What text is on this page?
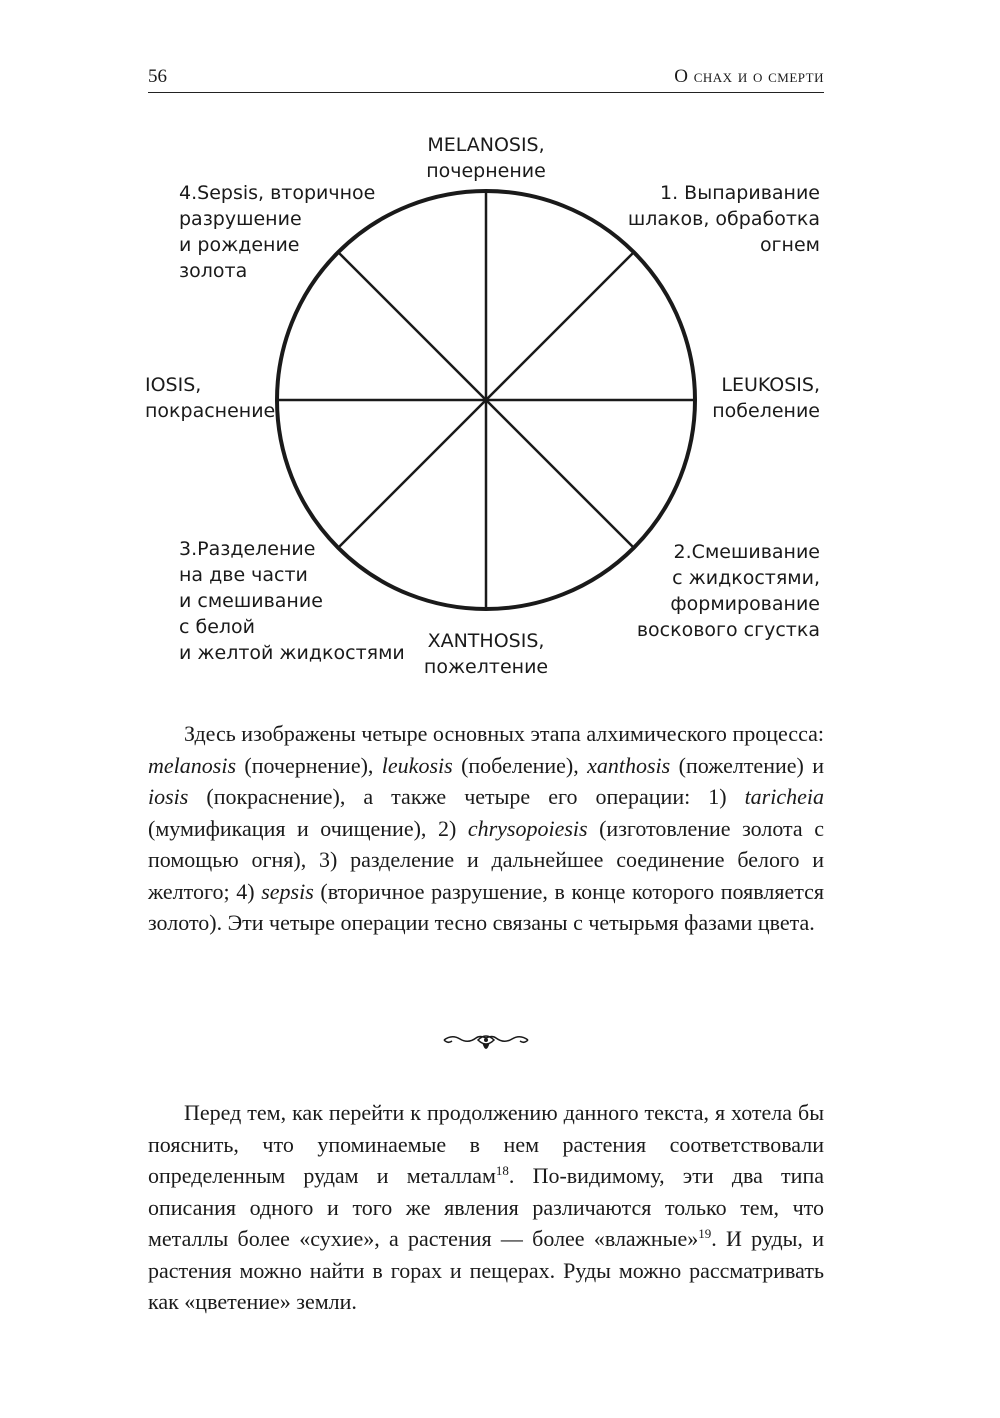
56	О снах и о смерти
MELANOSIS,
почернение
1. Выпаривание
шлаков, обработка
огнем
LEUKOSIS,
побеление
2.Смешивание
с жидкостями,
формирование
воскового сгустка
XANTHOSIS,
пожелтение
3.Разделение
на две части
и смешивание
с белой
и желтой жидкостями
IOSIS,
покраснение
4.Sepsis, вторичное
разрушение
и рождение
золота

Здесь изображены четыре основных этапа алхимического процесса: melanosis (почернение), leukosis (побеление), xanthosis (пожелтение) и iosis (покраснение), а также четыре его операции: 1) taricheia (мумификация и очищение), 2) chrysopoiesis (изготовление золота с помощью огня), 3) разделение и дальнейшее соединение белого и желтого; 4) sepsis (вторичное разрушение, в конце которого появляется золото). Эти четыре операции тесно связаны с четырьмя фазами цвета.

Перед тем, как перейти к продолжению данного текста, я хотела бы пояснить, что упоминаемые в нем растения соответствовали определенным рудам и металлам$^{18}$. По-видимому, эти два типа описания одного и того же явления различаются только тем, что металлы более «сухие», а растения — более «влажные»$^{19}$. И руды, и растения можно найти в горах и пещерах. Руды можно рассматривать как «цветение» земли.
